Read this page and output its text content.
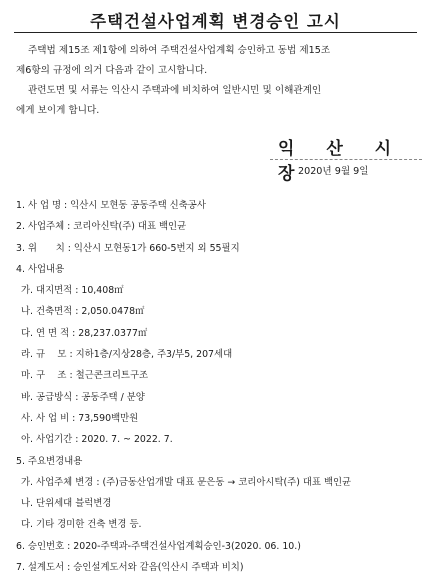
주택건설사업계획 변경승인 고시
주택법 제15조 제1항에 의하여 주택건설사업계획 승인하고 동법 제15조
제6항의 규정에 의거 다음과 같이 고시합니다.
관련도면 및 서류는 익산시 주택과에 비치하여 일반시민 및 이해관계인
에게 보이게 합니다.
익 산 시 장
2020년 9월 9일
1. 사 업 명 : 익산시 모현동 공동주택 신축공사
2. 사업주체 : 코리아신탁(주) 대표 백인균
3. 위　　치 : 익산시 모현동1가 660-5번지 외 55필지
4. 사업내용
가. 대지면적 : 10,408㎡
나. 건축면적 : 2,050.0478㎡
다. 연 면 적 : 28,237.0377㎡
라. 규　 모 : 지하1층/지상28층, 주3/부5, 207세대
마. 구　 조 : 철근콘크리트구조
바. 공급방식 : 공동주택 / 분양
사. 사 업 비 : 73,590백만원
아. 사업기간 : 2020. 7. ~ 2022. 7.
5. 주요변경내용
가. 사업주체 변경 : (주)금동산업개발 대표 문은동 → 코리아시탁(주) 대표 백인균
나. 단위세대 블럭변경
다. 기타 경미한 건축 변경 등.
6. 승인번호 : 2020-주택과-주택건설사업계획승인-3(2020. 06. 10.)
7. 설계도서 : 승인설계도서와 같음(익산시 주택과 비치)
